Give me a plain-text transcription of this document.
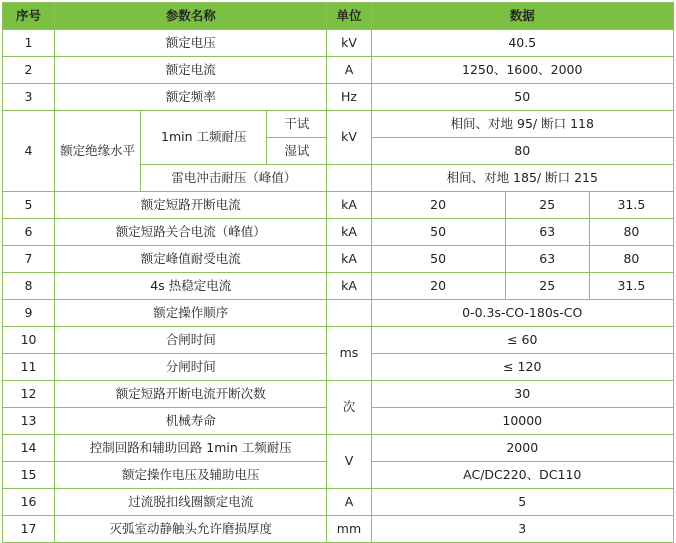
序号	参数名称			单位	数据		
1	额定电压			kV	40.5		
2	额定电流			A	1250、1600、2000		
3	额定频率			Hz	50		
4	额定绝缘水平	1min 工频耐压	干试	kV	相间、对地 95/ 断口 118		
			湿试		80		
		雷电冲击耐压（峰值）			相间、对地 185/ 断口 215		
5	额定短路开断电流			kA	20	25	31.5
6	额定短路关合电流（峰值）			kA	50	63	80
7	额定峰值耐受电流			kA	50	63	80
8	4s 热稳定电流			kA	20	25	31.5
9	额定操作顺序				0-0.3s-CO-180s-CO		
10	合闸时间			ms	≤ 60		
11	分闸时间				≤ 120		
12	额定短路开断电流开断次数			次	30		
13	机械寿命				10000		
14	控制回路和辅助回路 1min 工频耐压			V	2000		
15	额定操作电压及辅助电压				AC/DC220、DC110		
16	过流脱扣线圈额定电流			A	5		
17	灭弧室动静触头允许磨损厚度			mm	3		
